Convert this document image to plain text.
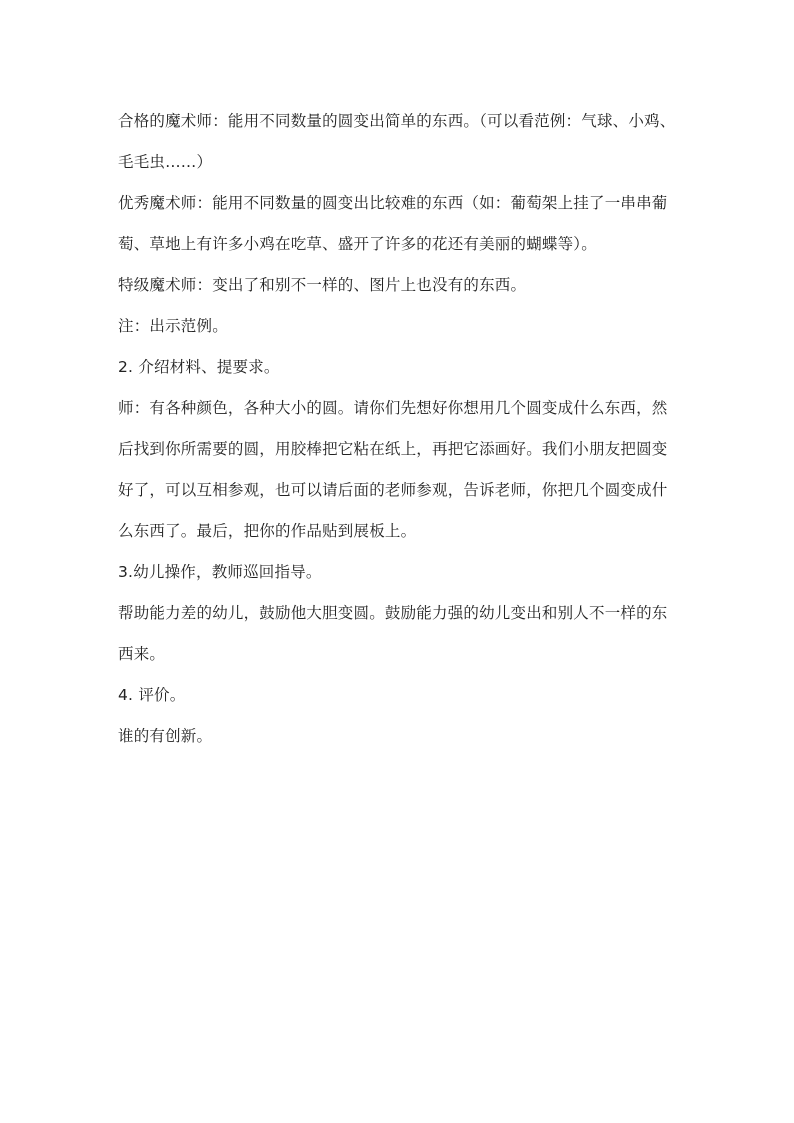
合格的魔术师：能用不同数量的圆变出简单的东西。（可以看范例：气球、小鸡、毛毛虫……）

优秀魔术师：能用不同数量的圆变出比较难的东西（如：葡萄架上挂了一串串葡萄、草地上有许多小鸡在吃草、盛开了许多的花还有美丽的蝴蝶等）。

特级魔术师：变出了和别不一样的、图片上也没有的东西。

注：出示范例。

2. 介绍材料、提要求。

师：有各种颜色，各种大小的圆。请你们先想好你想用几个圆变成什么东西，然后找到你所需要的圆，用胶棒把它粘在纸上，再把它添画好。我们小朋友把圆变好了，可以互相参观，也可以请后面的老师参观，告诉老师，你把几个圆变成什么东西了。最后，把你的作品贴到展板上。

3.幼儿操作，教师巡回指导。

帮助能力差的幼儿，鼓励他大胆变圆。鼓励能力强的幼儿变出和别人不一样的东西来。

4. 评价。

谁的有创新。
